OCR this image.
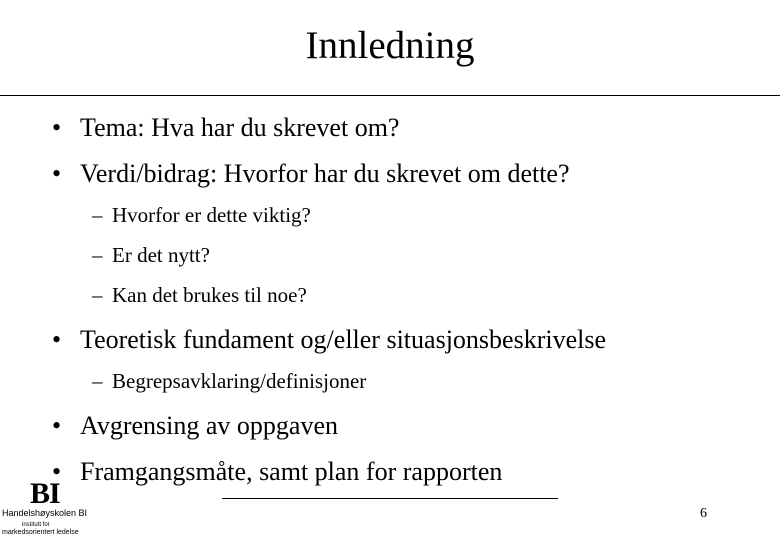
Innledning
• Tema: Hva har du skrevet om?
• Verdi/bidrag: Hvorfor har du skrevet om dette?
– Hvorfor er dette viktig?
– Er det nytt?
– Kan det brukes til noe?
• Teoretisk fundament og/eller situasjonsbeskrivelse
– Begrepsavklaring/definisjoner
• Avgrensing av oppgaven
• Framgangsmåte, samt plan for rapporten
6
BI
Handelshøyskolen BI
institutt for
markedsorientert ledelse
